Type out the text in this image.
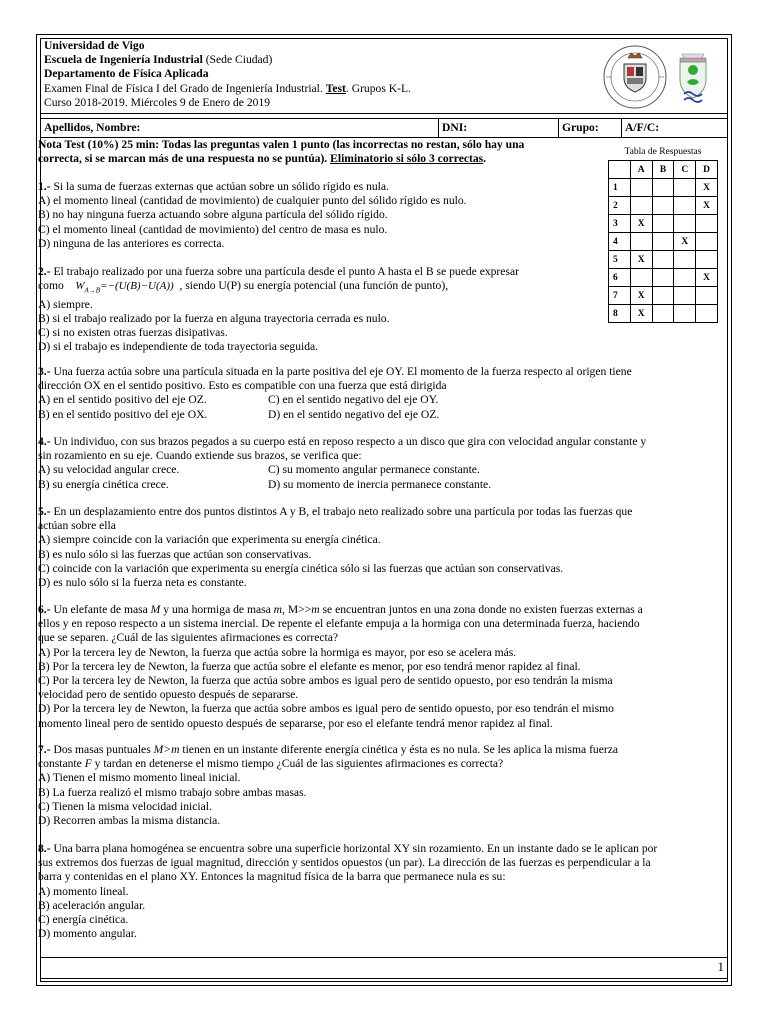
Universidad de Vigo
Escuela de Ingeniería Industrial (Sede Ciudad)
Departamento de Física Aplicada
Examen Final de Física I del Grado de Ingeniería Industrial. Test. Grupos K-L.
Curso 2018-2019. Miércoles 9 de Enero de 2019
Apellidos, Nombre:	DNI:	Grupo:	A/F/C:
Tabla de Respuestas
	A	B	C	D
1				X
2				X
3	X			
4			X	
5	X			
6				X
7	X			
8	X			

Nota Test (10%) 25 min: Todas las preguntas valen 1 punto (las incorrectas no restan, sólo hay una

correcta, si se marcan más de una respuesta no se puntúa). Eliminatorio si sólo 3 correctas.

1.- Si la suma de fuerzas externas que actúan sobre un sólido rígido es nula.

A) el momento lineal (cantidad de movimiento) de cualquier punto del sólido rígido es nulo.

B) no hay ninguna fuerza actuando sobre alguna partícula del sólido rígido.

C) el momento lineal (cantidad de movimiento) del centro de masa es nulo.

D) ninguna de las anteriores es correcta.

2.- El trabajo realizado por una fuerza sobre una partícula desde el punto A hasta el B se puede expresar

como $W_{A\to B}=-(U(B)-U(A))$ , siendo U(P) su energía potencial (una función de punto),

A) siempre.

B) si el trabajo realizado por la fuerza en alguna trayectoria cerrada es nulo.

C) si no existen otras fuerzas disipativas.

D) si el trabajo es independiente de toda trayectoria seguida.

3.- Una fuerza actúa sobre una partícula situada en la parte positiva del eje OY. El momento de la fuerza respecto al origen tiene

dirección OX en el sentido positivo. Esto es compatible con una fuerza que está dirigida

A) en el sentido positivo del eje OZ.	C) en el sentido negativo del eje OY.
B) en el sentido positivo del eje OX.	D) en el sentido negativo del eje OZ.

4.- Un individuo, con sus brazos pegados a su cuerpo está en reposo respecto a un disco que gira con velocidad angular constante y

sin rozamiento en su eje. Cuando extiende sus brazos, se verifica que:

A) su velocidad angular crece.	C) su momento angular permanece constante.
B) su energía cinética crece.	D) su momento de inercia permanece constante.

5.- En un desplazamiento entre dos puntos distintos A y B, el trabajo neto realizado sobre una partícula por todas las fuerzas que

actúan sobre ella

A) siempre coincide con la variación que experimenta su energía cinética.

B) es nulo sólo si las fuerzas que actúan son conservativas.

C) coincide con la variación que experimenta su energía cinética sólo si las fuerzas que actúan son conservativas.

D) es nulo sólo si la fuerza neta es constante.

6.- Un elefante de masa M y una hormiga de masa m, M>>m se encuentran juntos en una zona donde no existen fuerzas externas a

ellos y en reposo respecto a un sistema inercial. De repente el elefante empuja a la hormiga con una determinada fuerza, haciendo

que se separen. ¿Cuál de las siguientes afirmaciones es correcta?

A) Por la tercera ley de Newton, la fuerza que actúa sobre la hormiga es mayor, por eso se acelera más.

B) Por la tercera ley de Newton, la fuerza que actúa sobre el elefante es menor, por eso tendrá menor rapidez al final.

C) Por la tercera ley de Newton, la fuerza que actúa sobre ambos es igual pero de sentido opuesto, por eso tendrán la misma

velocidad pero de sentido opuesto después de separarse.

D) Por la tercera ley de Newton, la fuerza que actúa sobre ambos es igual pero de sentido opuesto, por eso tendrán el mismo

momento lineal pero de sentido opuesto después de separarse, por eso el elefante tendrá menor rapidez al final.

7.- Dos masas puntuales M>m tienen en un instante diferente energía cinética y ésta es no nula. Se les aplica la misma fuerza

constante F y tardan en detenerse el mismo tiempo ¿Cuál de las siguientes afirmaciones es correcta?

A) Tienen el mismo momento lineal inicial.

B) La fuerza realizó el mismo trabajo sobre ambas masas.

C) Tienen la misma velocidad inicial.

D) Recorren ambas la misma distancia.

8.- Una barra plana homogénea se encuentra sobre una superficie horizontal XY sin rozamiento. En un instante dado se le aplican por

sus extremos dos fuerzas de igual magnitud, dirección y sentidos opuestos (un par). La dirección de las fuerzas es perpendicular a la

barra y contenidas en el plano XY. Entonces la magnitud física de la barra que permanece nula es su:

A) momento lineal.

B) aceleración angular.

C) energía cinética.

D) momento angular.

1
